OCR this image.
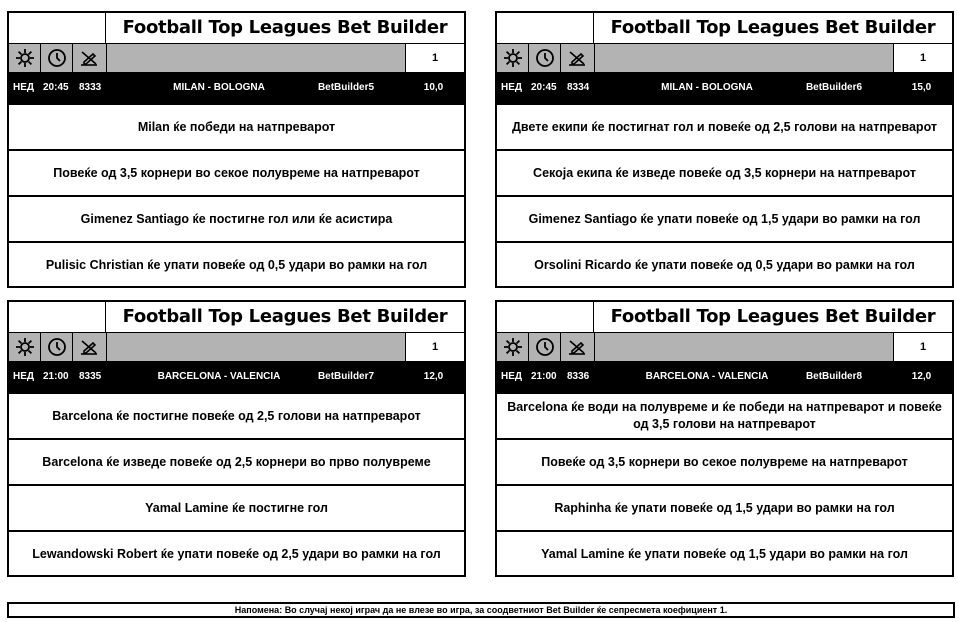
Football Top Leagues Bet Builder
1
НЕД 20:45 8333	MILAN - BOLOGNA	BetBuilder5	10,0
Milan ќе победи на натпреварот
Повеќе од 3,5 корнери во секое полувреме на натпреварот
Gimenez Santiago ќе постигне гол или ќе асистира
Pulisic Christian ќе упати повеќе од 0,5 удари во рамки на гол
Football Top Leagues Bet Builder
1
НЕД 20:45 8334	MILAN - BOLOGNA	BetBuilder6	15,0
Двете екипи ќе постигнат гол и повеќе од 2,5 голови на натпреварот
Секоја екипа ќе изведе повеќе од 3,5 корнери на натпреварот
Gimenez Santiago ќе упати повеќе од 1,5 удари во рамки на гол
Orsolini Ricardo ќе упати повеќе од 0,5 удари во рамки на гол
Football Top Leagues Bet Builder
1
НЕД 21:00 8335	BARCELONA - VALENCIA	BetBuilder7	12,0
Barcelona ќе постигне повеќе од 2,5 голови на натпреварот
Barcelona ќе изведе повеќе од 2,5 корнери во прво полувреме
Yamal Lamine ќе постигне гол
Lewandowski Robert ќе упати повеќе од 2,5 удари во рамки на гол
Football Top Leagues Bet Builder
1
НЕД 21:00 8336	BARCELONA - VALENCIA	BetBuilder8	12,0
Barcelona ќе води на полувреме и ќе победи на натпреварот и повеќе од 3,5 голови на натпреварот
Повеќе од 3,5 корнери во секое полувреме на натпреварот
Raphinha ќе упати повеќе од 1,5 удари во рамки на гол
Yamal Lamine ќе упати повеќе од 1,5 удари во рамки на гол
Напомена: Во случај некој играч да не влезе во игра, за соодветниот Bet Builder ќе сепресмета коефициент 1.
